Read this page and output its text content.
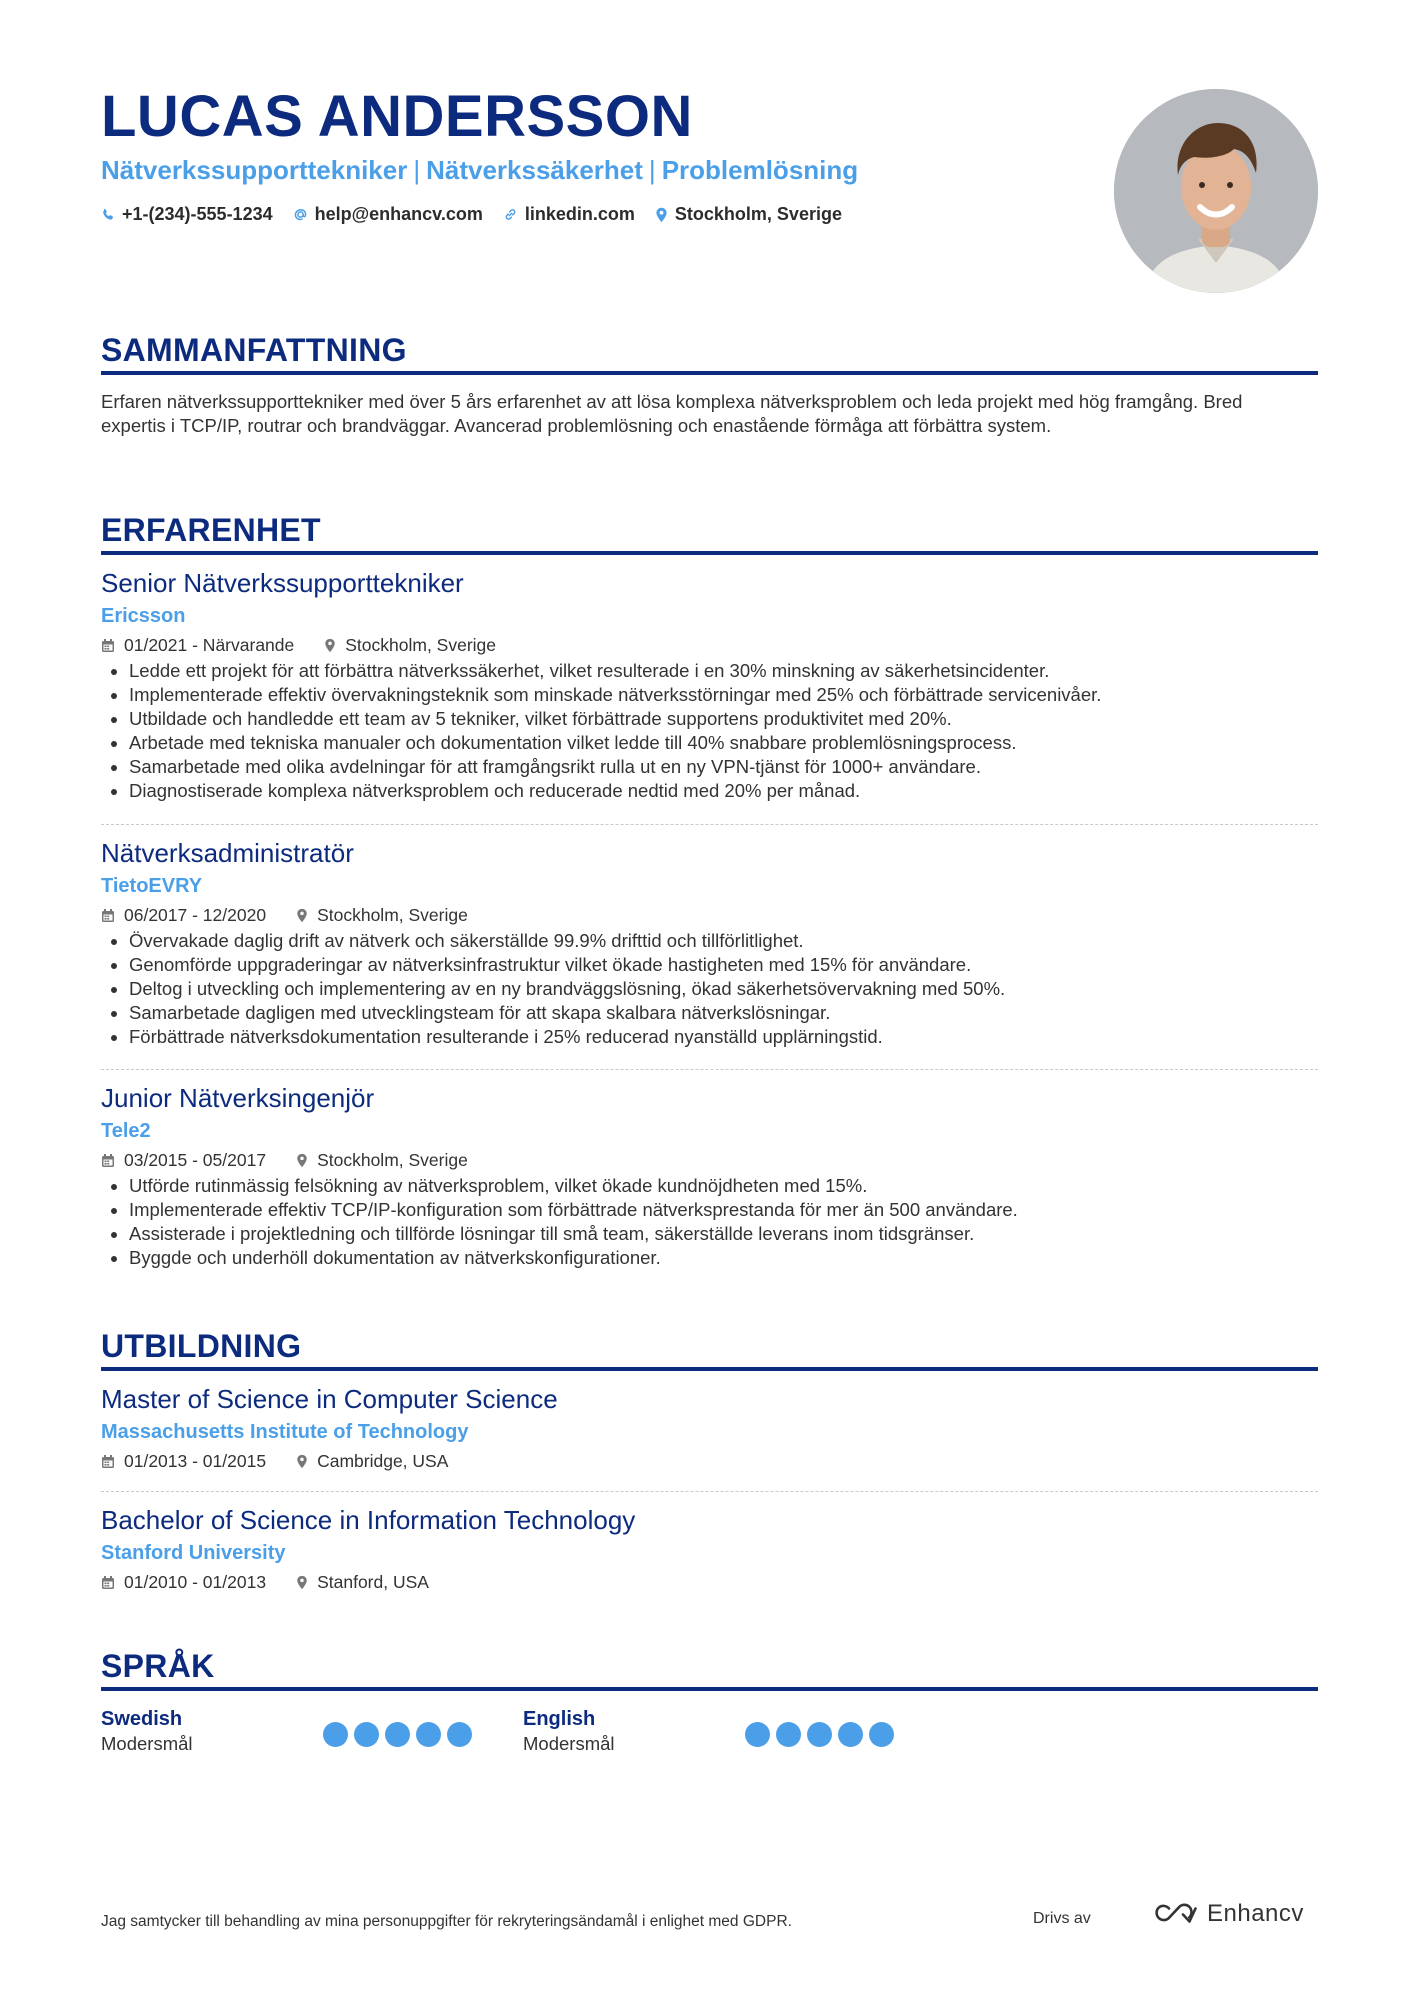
LUCAS ANDERSSON
Nätverkssupporttekniker | Nätverkssäkerhet | Problemlösning
+1-(234)-555-1234 help@enhancv.com linkedin.com Stockholm, Sverige
SAMMANFATTNING

Erfaren nätverkssupporttekniker med över 5 års erfarenhet av att lösa komplexa nätverksproblem och leda projekt med hög framgång. Bred expertis i TCP/IP, routrar och brandväggar. Avancerad problemlösning och enastående förmåga att förbättra system.

ERFARENHET
Senior Nätverkssupporttekniker
Ericsson
01/2021 - Närvarande	Stockholm, Sverige
Ledde ett projekt för att förbättra nätverkssäkerhet, vilket resulterade i en 30% minskning av säkerhetsincidenter.
Implementerade effektiv övervakningsteknik som minskade nätverksstörningar med 25% och förbättrade servicenivåer.
Utbildade och handledde ett team av 5 tekniker, vilket förbättrade supportens produktivitet med 20%.
Arbetade med tekniska manualer och dokumentation vilket ledde till 40% snabbare problemlösningsprocess.
Samarbetade med olika avdelningar för att framgångsrikt rulla ut en ny VPN-tjänst för 1000+ användare.
Diagnostiserade komplexa nätverksproblem och reducerade nedtid med 20% per månad.
Nätverksadministratör
TietoEVRY
06/2017 - 12/2020	Stockholm, Sverige
Övervakade daglig drift av nätverk och säkerställde 99.9% drifttid och tillförlitlighet.
Genomförde uppgraderingar av nätverksinfrastruktur vilket ökade hastigheten med 15% för användare.
Deltog i utveckling och implementering av en ny brandväggslösning, ökad säkerhetsövervakning med 50%.
Samarbetade dagligen med utvecklingsteam för att skapa skalbara nätverkslösningar.
Förbättrade nätverksdokumentation resulterande i 25% reducerad nyanställd upplärningstid.
Junior Nätverksingenjör
Tele2
03/2015 - 05/2017	Stockholm, Sverige
Utförde rutinmässig felsökning av nätverksproblem, vilket ökade kundnöjdheten med 15%.
Implementerade effektiv TCP/IP-konfiguration som förbättrade nätverksprestanda för mer än 500 användare.
Assisterade i projektledning och tillförde lösningar till små team, säkerställde leverans inom tidsgränser.
Byggde och underhöll dokumentation av nätverkskonfigurationer.
UTBILDNING
Master of Science in Computer Science
Massachusetts Institute of Technology
01/2013 - 01/2015	Cambridge, USA
Bachelor of Science in Information Technology
Stanford University
01/2010 - 01/2013	Stanford, USA
SPRÅK
Swedish
Modersmål
English
Modersmål
Jag samtycker till behandling av mina personuppgifter för rekryteringsändamål i enlighet med GDPR.	Drivs av	Enhancv
